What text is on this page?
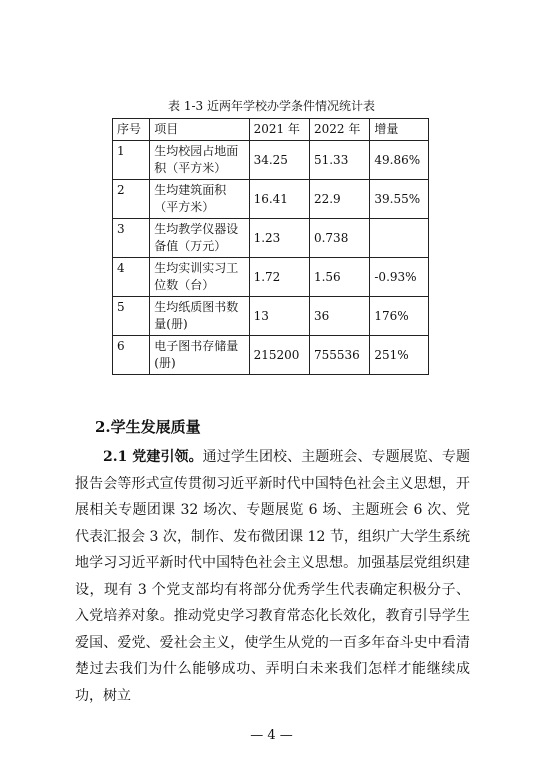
表 1-3 近两年学校办学条件情况统计表
序号	项目	2021 年	2022 年	增量
1	生均校园占地面积（平方米）	34.25	51.33	49.86%
2	生均建筑面积（平方米）	16.41	22.9	39.55%
3	生均教学仪器设备值（万元）	1.23	0.738	
4	生均实训实习工位数（台）	1.72	1.56	-0.93%
5	生均纸质图书数量(册)	13	36	176%
6	电子图书存储量(册)	215200	755536	251%
2.学生发展质量

2.1 党建引领。通过学生团校、主题班会、专题展览、专题报告会等形式宣传贯彻习近平新时代中国特色社会主义思想，开展相关专题团课 32 场次、专题展览 6 场、主题班会 6 次、党代表汇报会 3 次，制作、发布微团课 12 节，组织广大学生系统地学习习近平新时代中国特色社会主义思想。加强基层党组织建设，现有 3 个党支部均有将部分优秀学生代表确定积极分子、入党培养对象。推动党史学习教育常态化长效化，教育引导学生爱国、爱党、爱社会主义，使学生从党的一百多年奋斗史中看清楚过去我们为什么能够成功、弄明白未来我们怎样才能继续成功，树立

— 4 —
